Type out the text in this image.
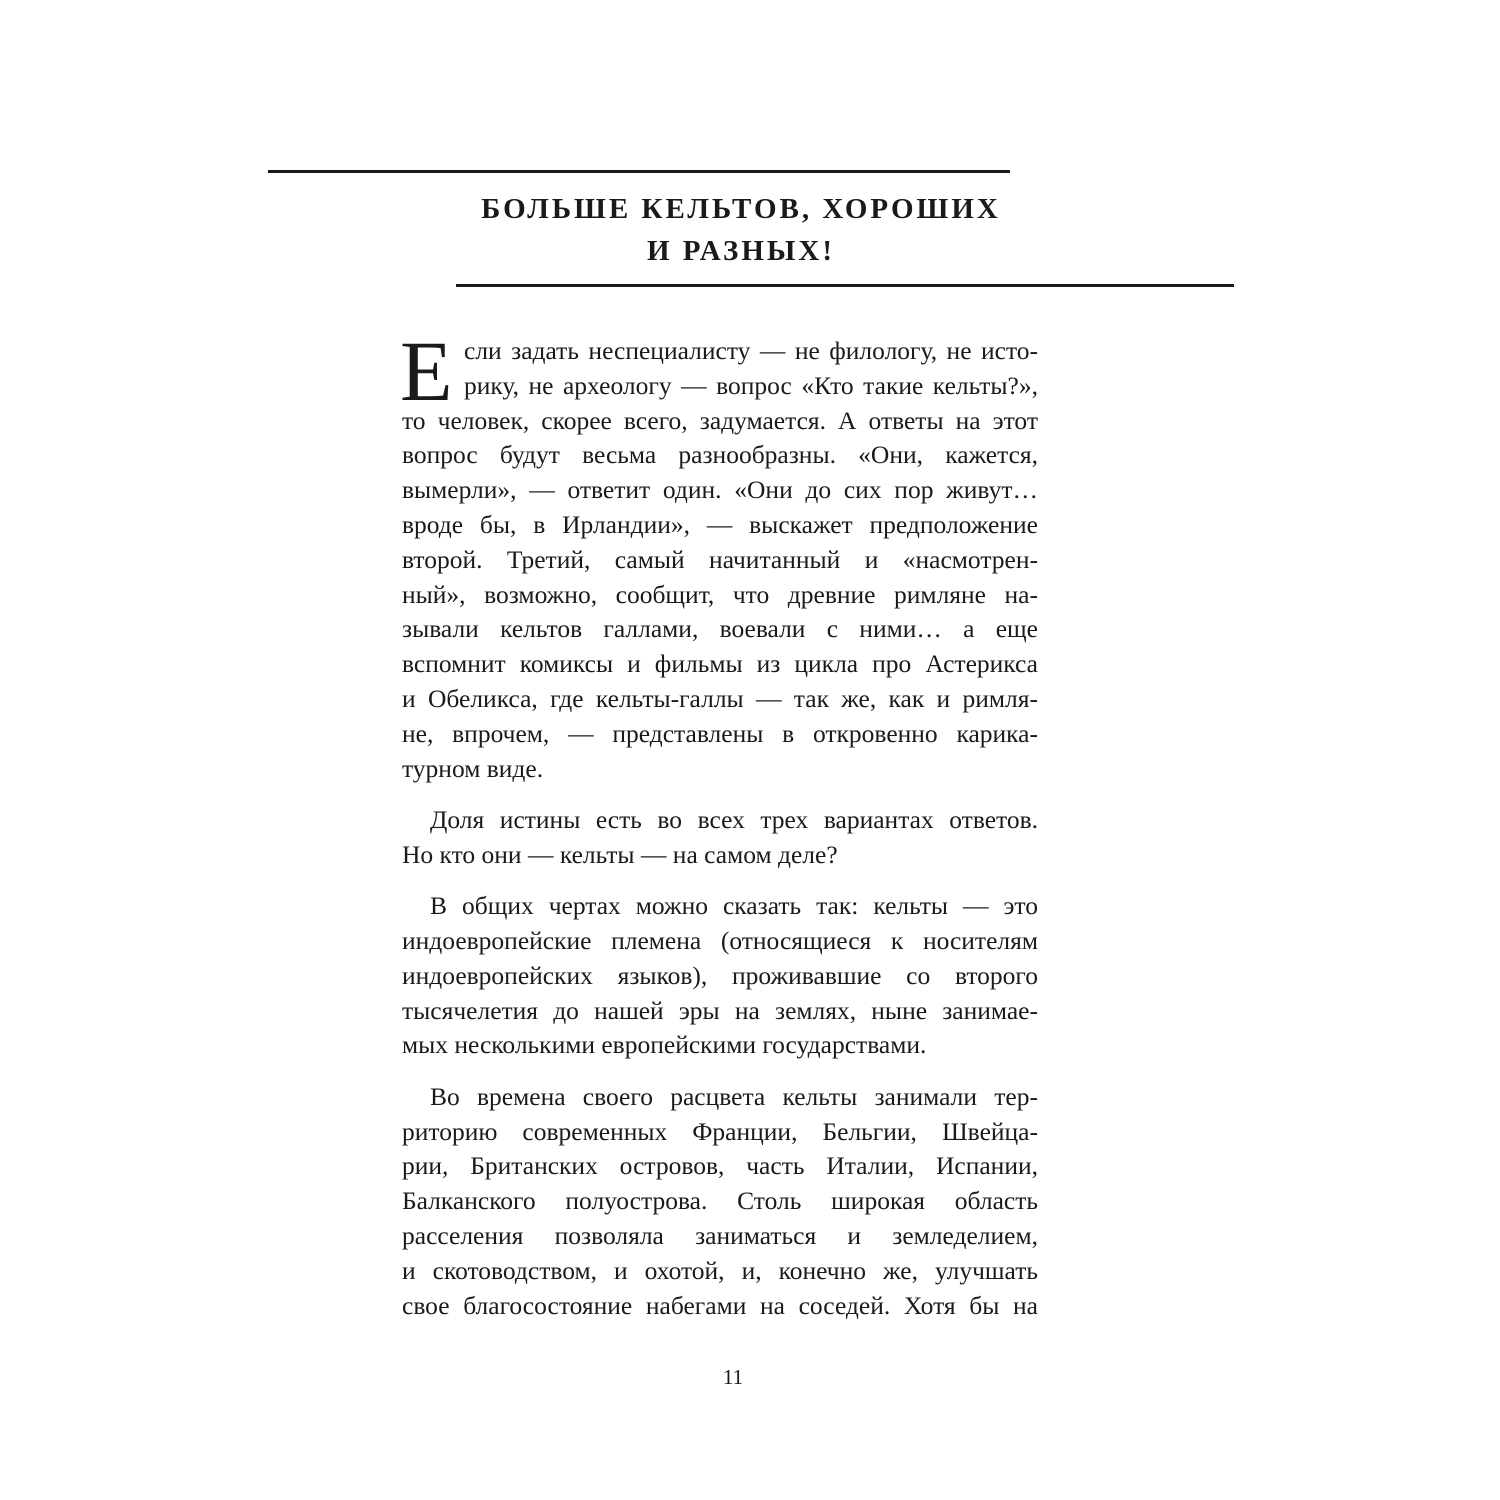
БОЛЬШЕ КЕЛЬТОВ, ХОРОШИХ
И РАЗНЫХ!
Е сли задать неспециалисту — не филологу, не исто-
рику, не археологу — вопрос «Кто такие кельты?»,
то человек, скорее всего, задумается. А ответы на этот
вопрос будут весьма разнообразны. «Они, кажется,
вымерли», — ответит один. «Они до сих пор живут…
вроде бы, в Ирландии», — выскажет предположение
второй. Третий, самый начитанный и «насмотрен-
ный», возможно, сообщит, что древние римляне на-
зывали кельтов галлами, воевали с ними… а еще
вспомнит комиксы и фильмы из цикла про Астерикса
и Обеликса, где кельты-галлы — так же, как и римля-
не, впрочем, — представлены в откровенно карика-
турном виде.
Доля истины есть во всех трех вариантах ответов.
Но кто они — кельты — на самом деле?
В общих чертах можно сказать так: кельты — это
индоевропейские племена (относящиеся к носителям
индоевропейских языков), проживавшие со второго
тысячелетия до нашей эры на землях, ныне занимае-
мых несколькими европейскими государствами.
Во времена своего расцвета кельты занимали тер-
риторию современных Франции, Бельгии, Швейца-
рии, Британских островов, часть Италии, Испании,
Балканского полуострова. Столь широкая область
расселения позволяла заниматься и земледелием,
и скотоводством, и охотой, и, конечно же, улучшать
свое благосостояние набегами на соседей. Хотя бы на
11
